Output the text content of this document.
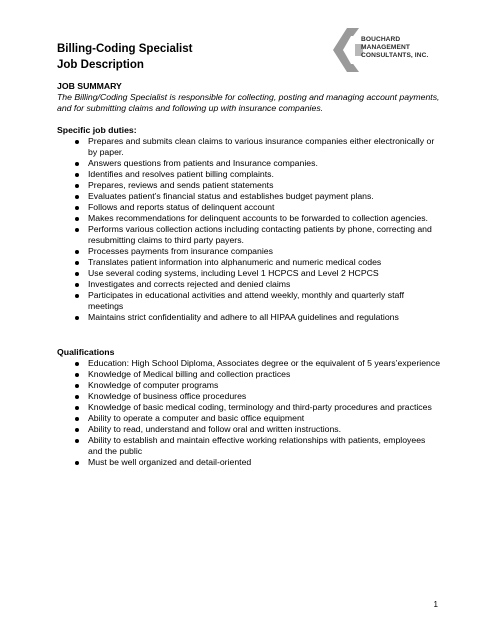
Billing-Coding Specialist
Job Description
BOUCHARD
MANAGEMENT
CONSULTANTS, INC.
JOB SUMMARY
The Billing/Coding Specialist is responsible for collecting, posting and managing account payments, and for submitting claims and following up with insurance companies.
Specific job duties:
Prepares and submits clean claims to various insurance companies either electronically or by paper.
Answers questions from patients and Insurance companies.
Identifies and resolves patient billing complaints.
Prepares, reviews and sends patient statements
Evaluates patient’s financial status and establishes budget payment plans.
Follows and reports status of delinquent account
Makes recommendations for delinquent accounts to be forwarded to collection agencies.
Performs various collection actions including contacting patients by phone, correcting and resubmitting claims to third party payers.
Processes payments from insurance companies
Translates patient information into alphanumeric and numeric medical codes
Use several coding systems, including Level 1 HCPCS and Level 2 HCPCS
Investigates and corrects rejected and denied claims
Participates in educational activities and attend weekly, monthly and quarterly staff meetings
Maintains strict confidentiality and adhere to all HIPAA guidelines and regulations
Qualifications
Education: High School Diploma, Associates degree or the equivalent of 5 years’experience
Knowledge of Medical billing and collection practices
Knowledge of computer programs
Knowledge of business office procedures
Knowledge of basic medical coding, terminology and third-party procedures and practices
Ability to operate a computer and basic office equipment
Ability to read, understand and follow oral and written instructions.
Ability to establish and maintain effective working relationships with patients, employees and the public
Must be well organized and detail-oriented
1
